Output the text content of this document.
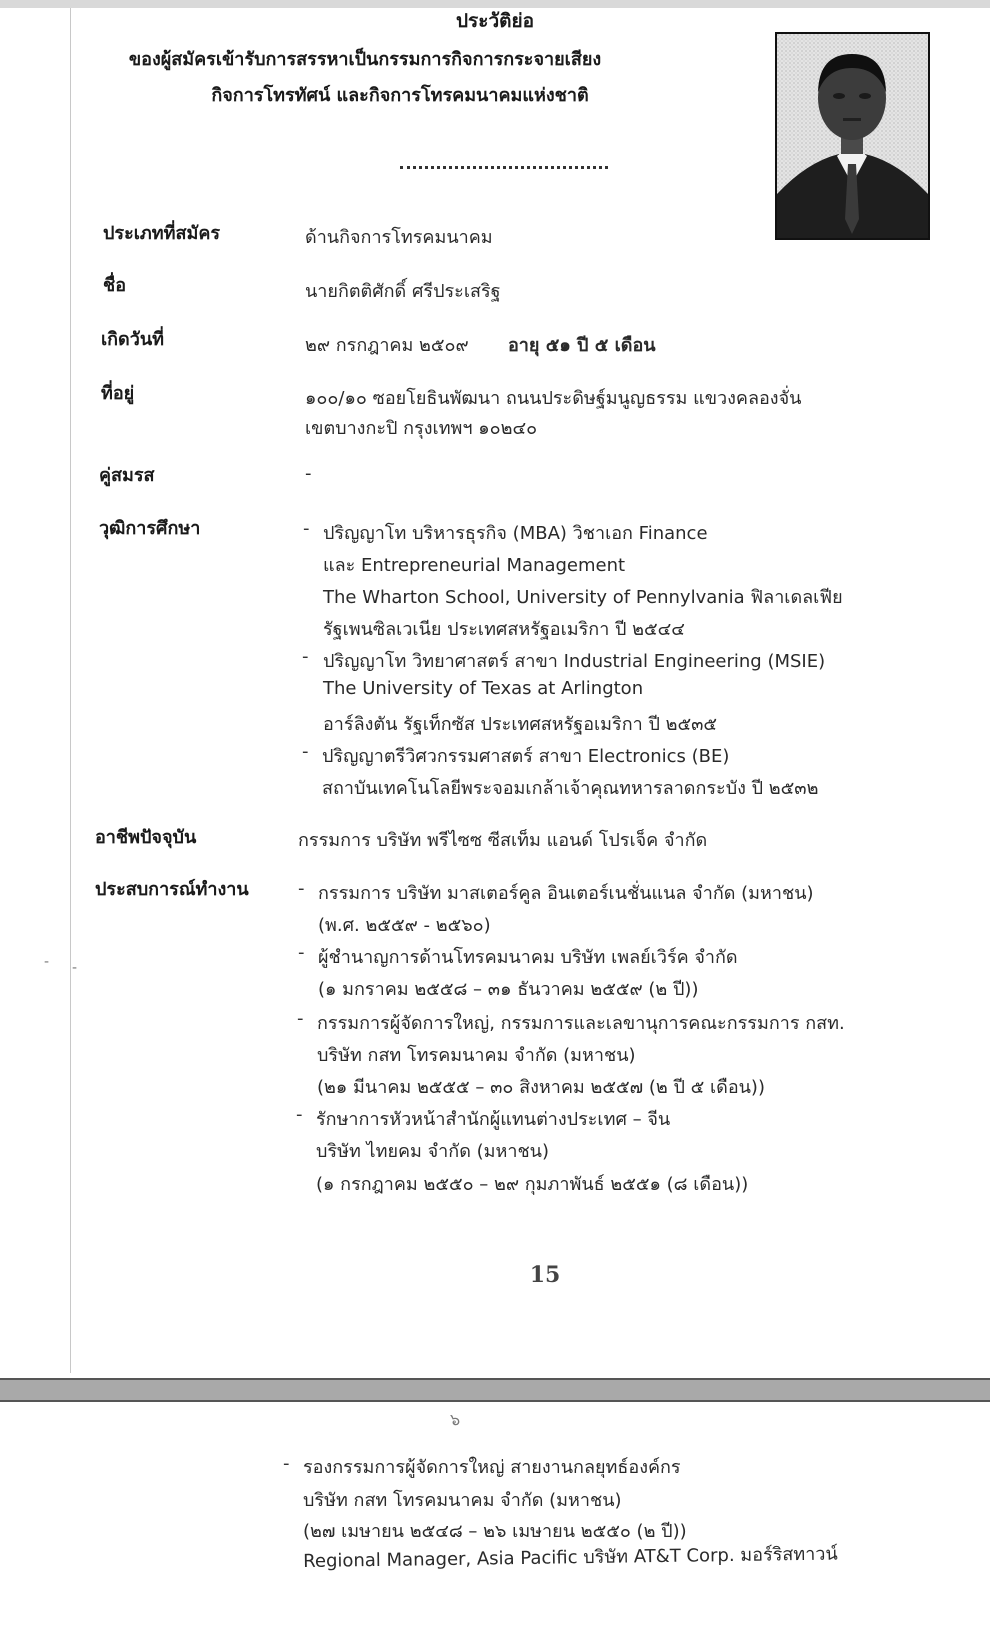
ประวัติย่อ
ของผู้สมัครเข้ารับการสรรหาเป็นกรรมการกิจการกระจายเสียง
กิจการโทรทัศน์ และกิจการโทรคมนาคมแห่งชาติ
ประเภทที่สมัคร	ด้านกิจการโทรคมนาคม
ชื่อ	นายกิตติศักดิ์ ศรีประเสริฐ
เกิดวันที่	๒๙ กรกฎาคม ๒๕๐๙ อายุ ๕๑ ปี ๕ เดือน
ที่อยู่	๑๐๐/๑๐ ซอยโยธินพัฒนา ถนนประดิษฐ์มนูญธรรม แขวงคลองจั่น
เขตบางกะปิ กรุงเทพฯ ๑๐๒๔๐
คู่สมรส	-
วุฒิการศึกษา	- ปริญญาโท บริหารธุรกิจ (MBA) วิชาเอก Finance
และ Entrepreneurial Management
The Wharton School, University of Pennylvania ฟิลาเดลเฟีย
รัฐเพนซิลเวเนีย ประเทศสหรัฐอเมริกา ปี ๒๕๔๔
- ปริญญาโท วิทยาศาสตร์ สาขา Industrial Engineering (MSIE)
The University of Texas at Arlington
อาร์ลิงตัน รัฐเท็กซัส ประเทศสหรัฐอเมริกา ปี ๒๕๓๕
- ปริญญาตรีวิศวกรรมศาสตร์ สาขา Electronics (BE)
สถาบันเทคโนโลยีพระจอมเกล้าเจ้าคุณทหารลาดกระบัง ปี ๒๕๓๒
อาชีพปัจจุบัน	กรรมการ บริษัท พรีไซซ ซีสเท็ม แอนด์ โปรเจ็ค จำกัด
ประสบการณ์ทำงาน	- กรรมการ บริษัท มาสเตอร์คูล อินเตอร์เนชั่นแนล จำกัด (มหาชน)
(พ.ศ. ๒๕๕๙ - ๒๕๖๐)
- ผู้ชำนาญการด้านโทรคมนาคม บริษัท เพลย์เวิร์ค จำกัด
(๑ มกราคม ๒๕๕๘ – ๓๑ ธันวาคม ๒๕๕๙ (๒ ปี))
- กรรมการผู้จัดการใหญ่, กรรมการและเลขานุการคณะกรรมการ กสท.
บริษัท กสท โทรคมนาคม จำกัด (มหาชน)
(๒๑ มีนาคม ๒๕๕๕ – ๓๐ สิงหาคม ๒๕๕๗ (๒ ปี ๕ เดือน))
- รักษาการหัวหน้าสำนักผู้แทนต่างประเทศ – จีน
บริษัท ไทยคม จำกัด (มหาชน)
(๑ กรกฎาคม ๒๕๕๐ – ๒๙ กุมภาพันธ์ ๒๕๕๑ (๘ เดือน))
- -
15
๖
- รองกรรมการผู้จัดการใหญ่ สายงานกลยุทธ์องค์กร
บริษัท กสท โทรคมนาคม จำกัด (มหาชน)
(๒๗ เมษายน ๒๕๔๘ – ๒๖ เมษายน ๒๕๕๐ (๒ ปี))
Regional Manager, Asia Pacific บริษัท AT&T Corp. มอร์ริสทาวน์
